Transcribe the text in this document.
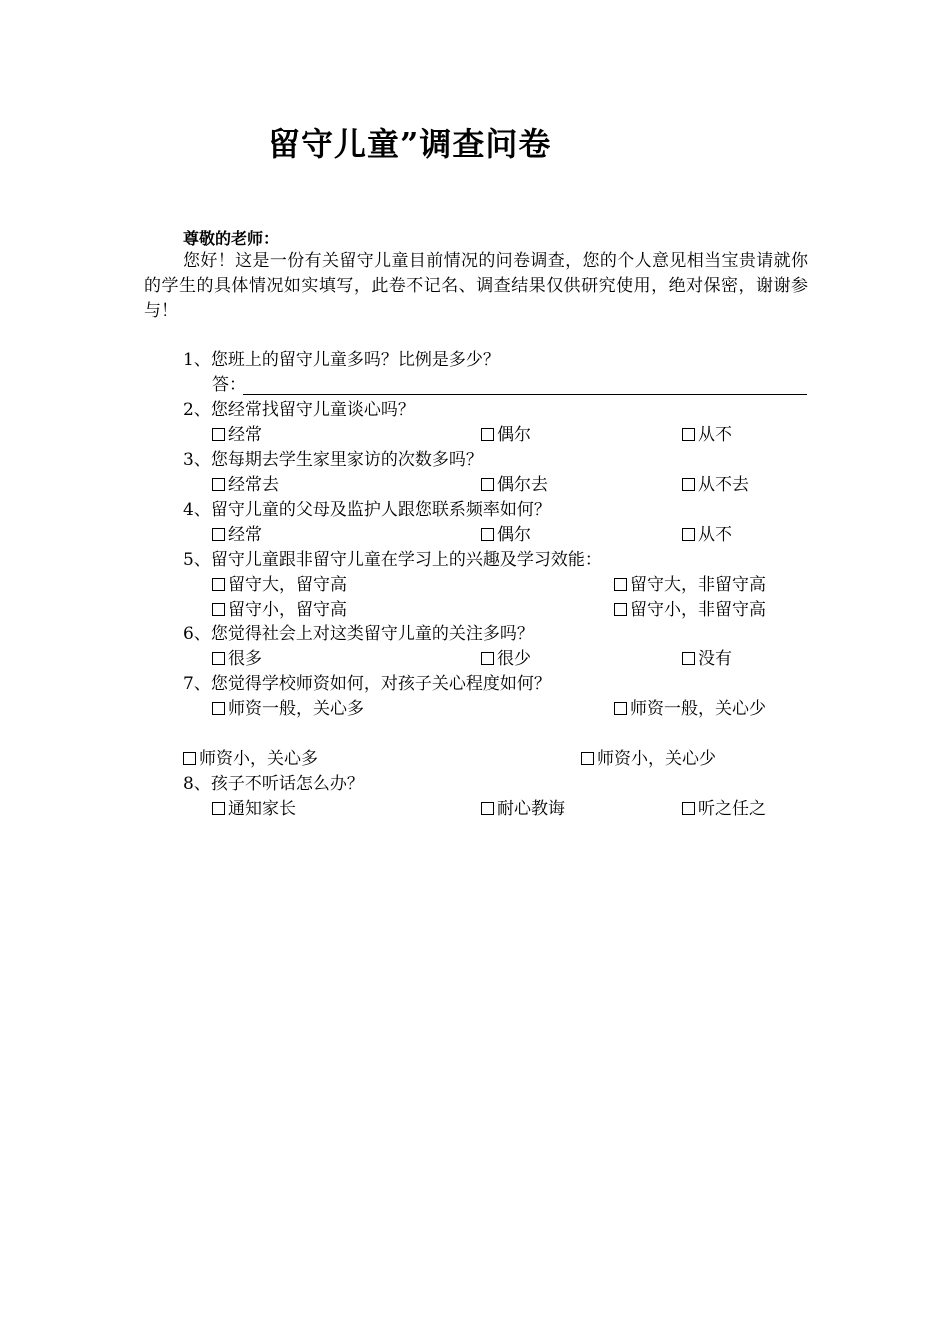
留守儿童”调查问卷
尊敬的老师：
您好！这是一份有关留守儿童目前情况的问卷调查，您的个人意见相当宝贵请就你的学生的具体情况如实填写，此卷不记名、调查结果仅供研究使用，绝对保密，谢谢参与！
1、您班上的留守儿童多吗？比例是多少？
答：
2、您经常找留守儿童谈心吗？
经常	偶尔	从不
3、您每期去学生家里家访的次数多吗？
经常去	偶尔去	从不去
4、留守儿童的父母及监护人跟您联系频率如何？
经常	偶尔	从不
5、留守儿童跟非留守儿童在学习上的兴趣及学习效能：
留守大，留守高	留守大，非留守高
留守小，留守高	留守小，非留守高
6、您觉得社会上对这类留守儿童的关注多吗？
很多	很少	没有
7、您觉得学校师资如何，对孩子关心程度如何？
师资一般，关心多	师资一般，关心少
师资小，关心多	师资小，关心少
8、孩子不听话怎么办？
通知家长	耐心教诲	听之任之
